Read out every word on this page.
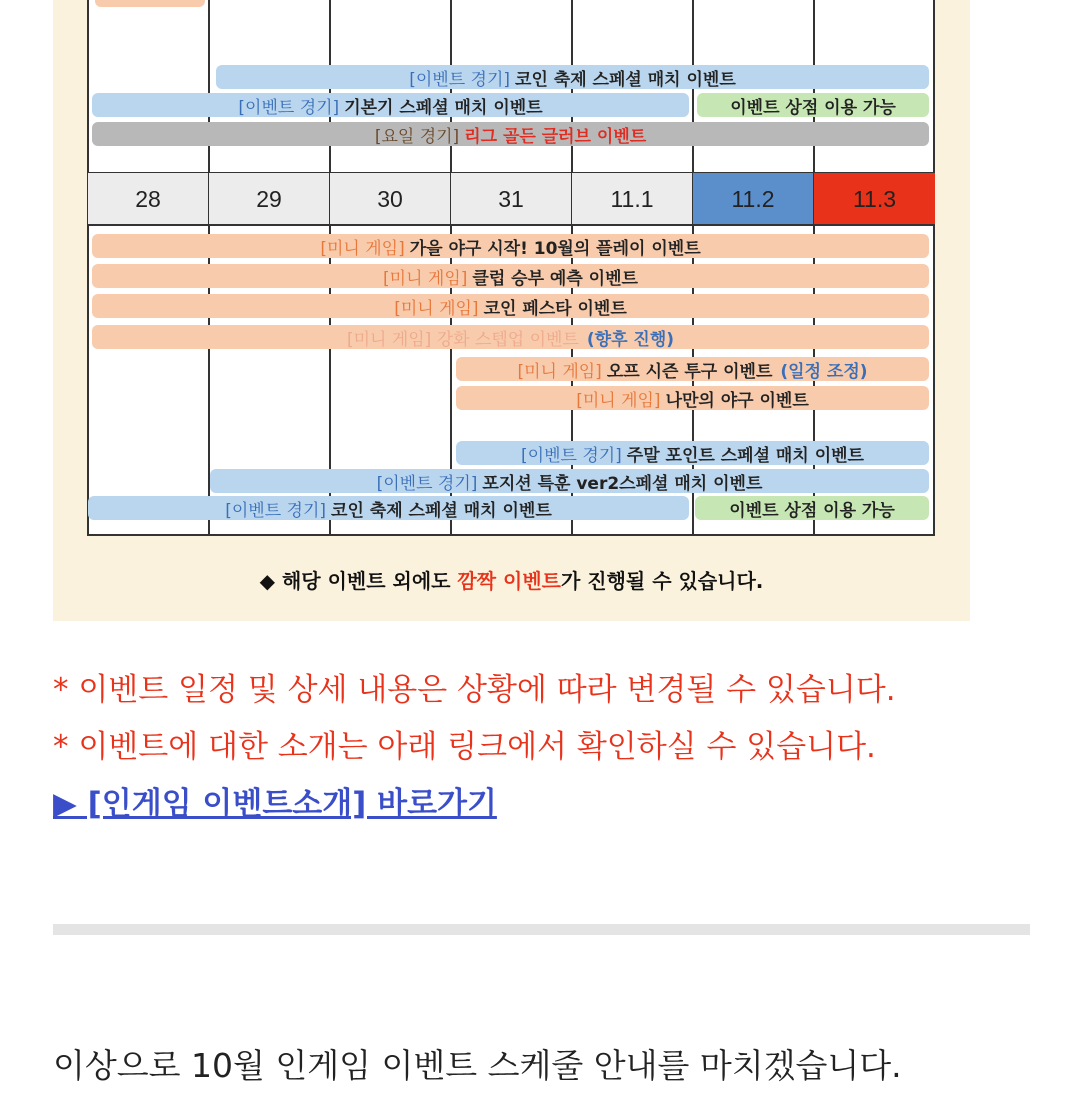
[이벤트 경기] 코인 축제 스페셜 매치 이벤트
[이벤트 경기] 기본기 스페셜 매치 이벤트	이벤트 상점 이용 가능
[요일 경기] 리그 골든 글러브 이벤트
28	29	30	31	11.1	11.2	11.3
[미니 게임] 가을 야구 시작! 10월의 플레이 이벤트
[미니 게임] 클럽 승부 예측 이벤트
[미니 게임] 코인 페스타 이벤트
[미니 게임] 강화 스텝업 이벤트 (향후 진행)
[미니 게임] 오프 시즌 투구 이벤트 (일정 조정)
[미니 게임] 나만의 야구 이벤트
[이벤트 경기] 주말 포인트 스페셜 매치 이벤트
[이벤트 경기] 포지션 특훈 ver2스페셜 매치 이벤트
[이벤트 경기] 코인 축제 스페셜 매치 이벤트	이벤트 상점 이용 가능
◆ 해당 이벤트 외에도 깜짝 이벤트가 진행될 수 있습니다.
* 이벤트 일정 및 상세 내용은 상황에 따라 변경될 수 있습니다.
* 이벤트에 대한 소개는 아래 링크에서 확인하실 수 있습니다.
▶ [인게임 이벤트소개] 바로가기
이상으로 10월 인게임 이벤트 스케줄 안내를 마치겠습니다.
